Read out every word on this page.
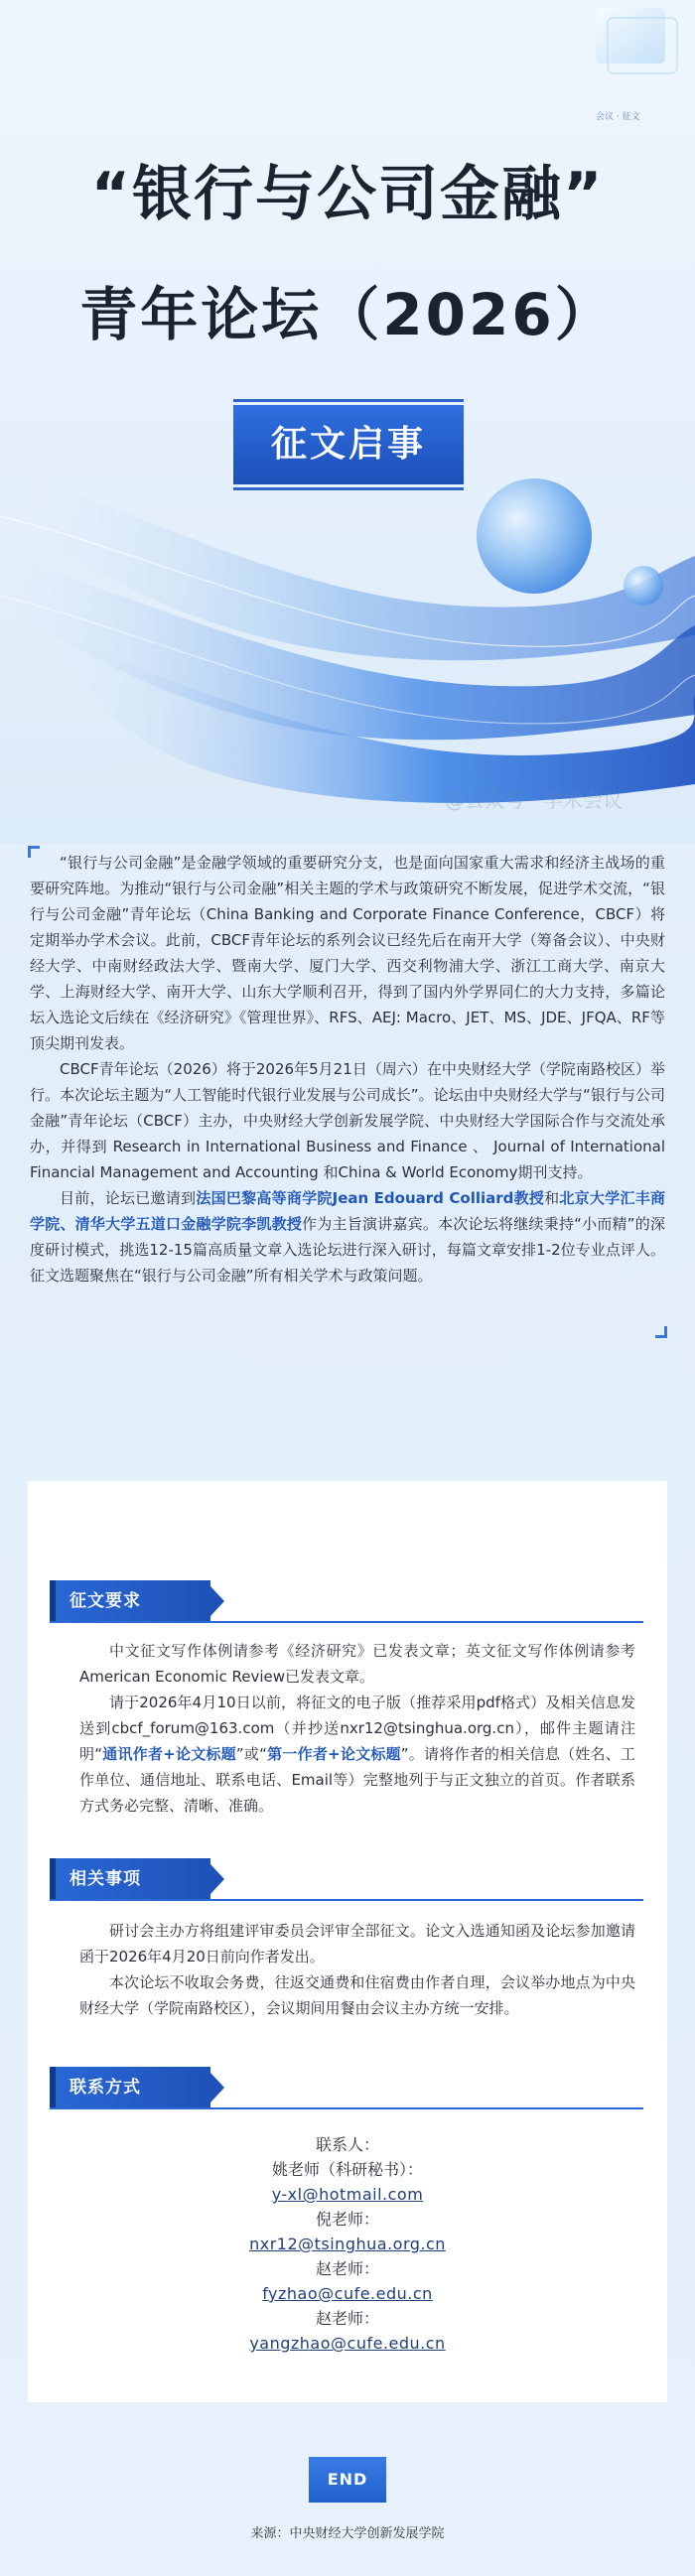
会议 · 征文
“银行与公司金融”
青年论坛（2026）
征文启事
@公众号 · 学术会议

“银行与公司金融”是金融学领域的重要研究分支，也是面向国家重大需求和经济主战场的重要研究阵地。为推动“银行与公司金融”相关主题的学术与政策研究不断发展，促进学术交流，“银行与公司金融”青年论坛（China Banking and Corporate Finance Conference，CBCF）将定期举办学术会议。此前，CBCF青年论坛的系列会议已经先后在南开大学（筹备会议）、中央财经大学、中南财经政法大学、暨南大学、厦门大学、西交利物浦大学、浙江工商大学、南京大学、上海财经大学、南开大学、山东大学顺利召开，得到了国内外学界同仁的大力支持，多篇论坛入选论文后续在《经济研究》《管理世界》、RFS、AEJ: Macro、JET、MS、JDE、JFQA、RF等顶尖期刊发表。

CBCF青年论坛（2026）将于2026年5月21日（周六）在中央财经大学（学院南路校区）举行。本次论坛主题为“人工智能时代银行业发展与公司成长”。论坛由中央财经大学与“银行与公司金融”青年论坛（CBCF）主办，中央财经大学创新发展学院、中央财经大学国际合作与交流处承办，并得到 Research in International Business and Finance 、 Journal of International Financial Management and Accounting 和China & World Economy期刊支持。

目前，论坛已邀请到法国巴黎高等商学院Jean Edouard Colliard教授和北京大学汇丰商学院、清华大学五道口金融学院李凯教授作为主旨演讲嘉宾。本次论坛将继续秉持“小而精”的深度研讨模式，挑选12-15篇高质量文章入选论坛进行深入研讨，每篇文章安排1-2位专业点评人。征文选题聚焦在“银行与公司金融”所有相关学术与政策问题。

征文要求

中文征文写作体例请参考《经济研究》已发表文章；英文征文写作体例请参考American Economic Review已发表文章。

请于2026年4月10日以前，将征文的电子版（推荐采用pdf格式）及相关信息发送到cbcf_forum@163.com（并抄送nxr12@tsinghua.org.cn），邮件主题请注明“通讯作者+论文标题”或“第一作者+论文标题”。请将作者的相关信息（姓名、工作单位、通信地址、联系电话、Email等）完整地列于与正文独立的首页。作者联系方式务必完整、清晰、准确。

相关事项

研讨会主办方将组建评审委员会评审全部征文。论文入选通知函及论坛参加邀请函于2026年4月20日前向作者发出。

本次论坛不收取会务费，往返交通费和住宿费由作者自理，会议举办地点为中央财经大学（学院南路校区），会议期间用餐由会议主办方统一安排。

联系方式
联系人：
姚老师（科研秘书）：
y-xl@hotmail.com
倪老师：
nxr12@tsinghua.org.cn
赵老师：
fyzhao@cufe.edu.cn
赵老师：
yangzhao@cufe.edu.cn
END
来源：中央财经大学创新发展学院
